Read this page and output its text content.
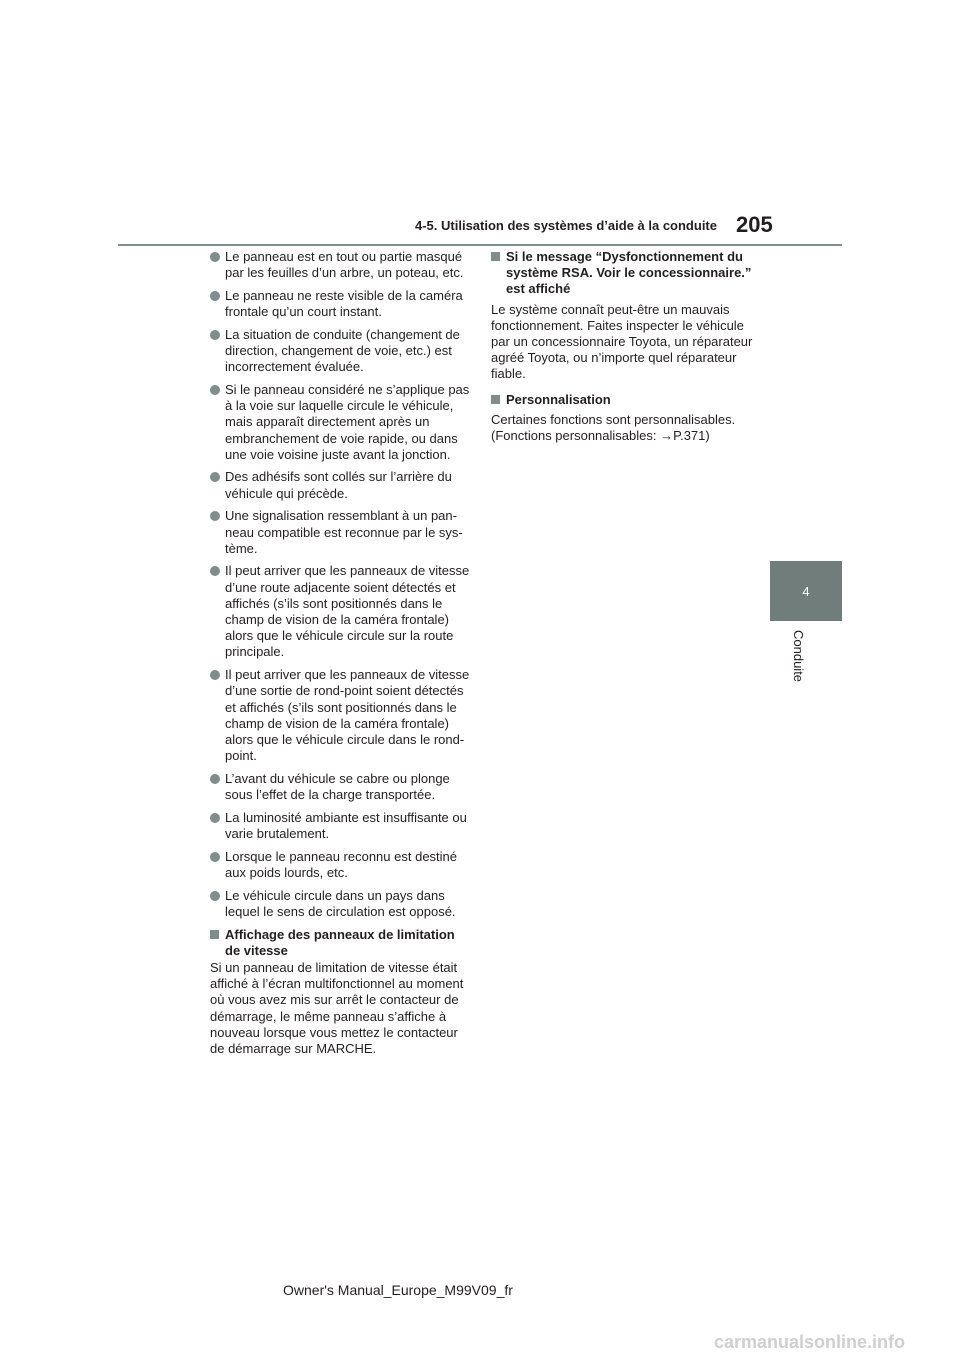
4-5. Utilisation des systèmes d’aide à la conduite 205
4
Conduite
Le panneau est en tout ou partie masqué par les feuilles d’un arbre, un poteau, etc.
Le panneau ne reste visible de la caméra frontale qu’un court instant.
La situation de conduite (changement de direction, changement de voie, etc.) est incorrectement évaluée.
Si le panneau considéré ne s’applique pas à la voie sur laquelle circule le véhicule, mais apparaît directement après un embranchement de voie rapide, ou dans une voie voisine juste avant la jonction.
Des adhésifs sont collés sur l’arrière du véhicule qui précède.
Une signalisation ressemblant à un pan-neau compatible est reconnue par le sys-tème.
Il peut arriver que les panneaux de vitesse d’une route adjacente soient détectés et affichés (s’ils sont positionnés dans le champ de vision de la caméra frontale) alors que le véhicule circule sur la route principale.
Il peut arriver que les panneaux de vitesse d’une sortie de rond-point soient détectés et affichés (s’ils sont positionnés dans le champ de vision de la caméra frontale) alors que le véhicule circule dans le rond-point.
L’avant du véhicule se cabre ou plonge sous l’effet de la charge transportée.
La luminosité ambiante est insuffisante ou varie brutalement.
Lorsque le panneau reconnu est destiné aux poids lourds, etc.
Le véhicule circule dans un pays dans lequel le sens de circulation est opposé.
Affichage des panneaux de limitation de vitesse

Si un panneau de limitation de vitesse était affiché à l’écran multifonctionnel au moment où vous avez mis sur arrêt le contacteur de démarrage, le même panneau s’affiche à nouveau lorsque vous mettez le contacteur de démarrage sur MARCHE.

Si le message “Dysfonctionnement du système RSA. Voir le concessionnaire.” est affiché

Le système connaît peut-être un mauvais fonctionnement. Faites inspecter le véhicule par un concessionnaire Toyota, un réparateur agréé Toyota, ou n’importe quel réparateur fiable.

Personnalisation

Certaines fonctions sont personnalisables.
(Fonctions personnalisables: →P.371)

Owner's Manual_Europe_M99V09_fr
carmanualsonline.info
